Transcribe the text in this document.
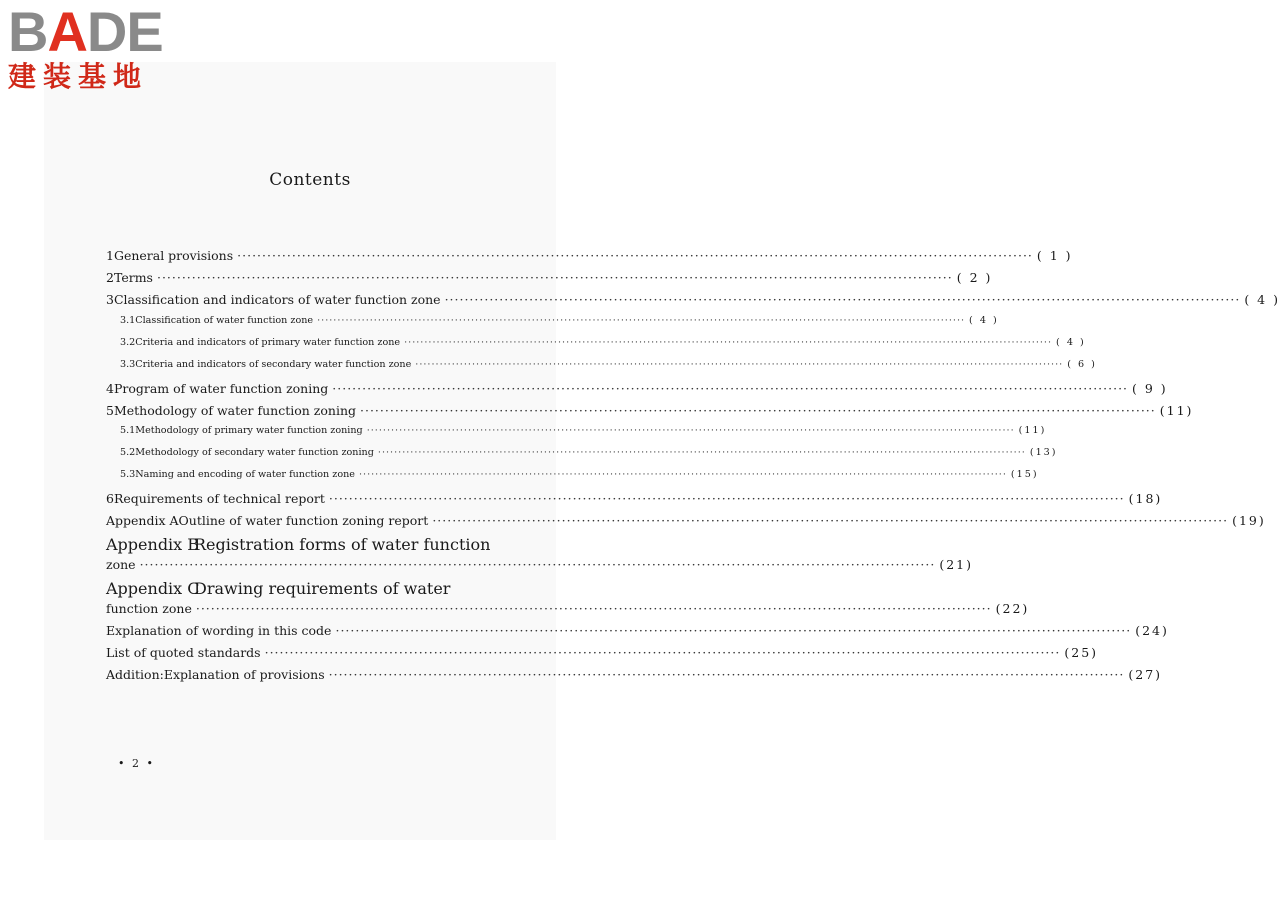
BADE
建装基地
Contents
1 General provisions ································································································································································ ( 1 )
2 Terms ································································································································································ ( 2 )
3 Classification and indicators of water function zone ································································································································································ ( 4 )
3.1 Classification of water function zone ································································································································································ ( 4 )
3.2 Criteria and indicators of primary water function zone ································································································································································ ( 4 )
3.3 Criteria and indicators of secondary water function zone ································································································································································ ( 6 )
4 Program of water function zoning ································································································································································ ( 9 )
5 Methodology of water function zoning ································································································································································ (11)
5.1 Methodology of primary water function zoning ································································································································································ (11)
5.2 Methodology of secondary water function zoning ································································································································································ (13)
5.3 Naming and encoding of water function zone ································································································································································ (15)
6 Requirements of technical report ································································································································································ (18)
Appendix A Outline of water function zoning report ································································································································································ (19)
Appendix B
Registration forms of water function
zone ································································································································································ (21)
Appendix C
Drawing requirements of water
function zone ································································································································································ (22)
Explanation of wording in this code ································································································································································ (24)
List of quoted standards ································································································································································ (25)
Addition:Explanation of provisions ································································································································································ (27)
• 2 •
